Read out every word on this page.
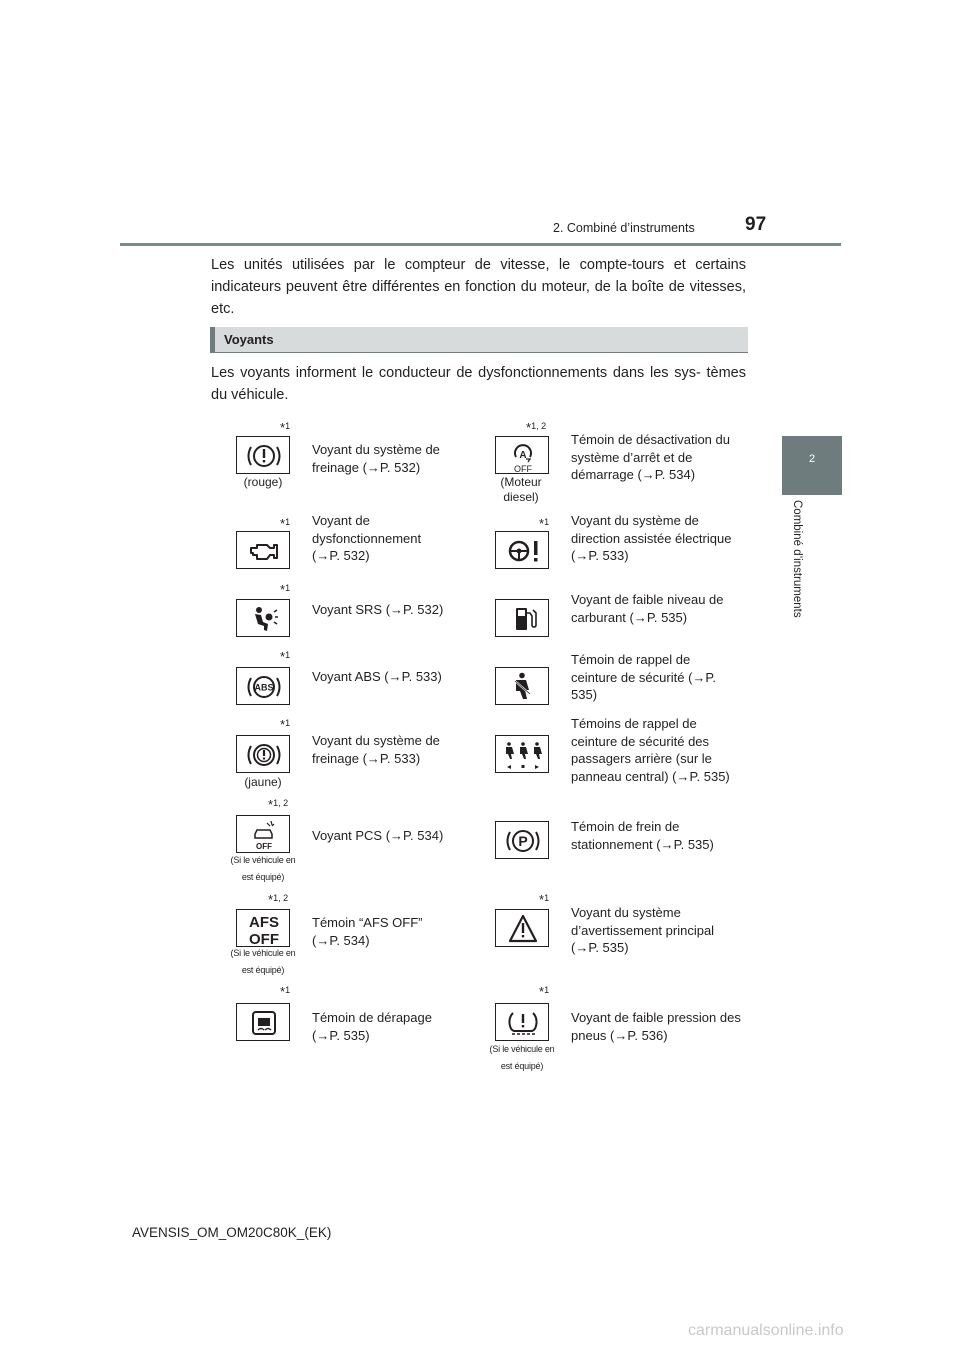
2. Combiné d’instruments	97
2
Combiné d’instruments

Les unités utilisées par le compteur de vitesse, le compte-tours et certains indicateurs peuvent être différentes en fonction du moteur, de la boîte de vitesses, etc.

Voyants

Les voyants informent le conducteur de dysfonctionnements dans les sys- tèmes du véhicule.

*$^1$
(rouge)
Voyant du système de freinage (→P. 532)
*$^1$ Voyant de dysfonctionnement (→P. 532)
*$^1$
Voyant SRS (→P. 532)
*$^1$
ABS
Voyant ABS (→P. 533)
*$^1$
(jaune)
Voyant du système de freinage (→P. 533)
*$^{1, 2}$
OFF
(Si le véhicule en est équipé)
Voyant PCS (→P. 534)
*$^{1, 2}$
AFS
OFF
(Si le véhicule en est équipé)
Témoin “AFS OFF” (→P. 534)
*$^1$
Témoin de dérapage (→P. 535)
*$^{1, 2}$
A
OFF
(Moteur diesel)
Témoin de désactivation du système d’arrêt et de démarrage (→P. 534)
*$^1$ Voyant du système de direction assistée électrique (→P. 533)
Voyant de faible niveau de carburant (→P. 535)
Témoin de rappel de ceinture de sécurité (→P. 535)
Témoins de rappel de ceinture de sécurité des passagers arrière (sur le panneau central) (→P. 535)
P
Témoin de frein de stationnement (→P. 535)
*$^1$
Voyant du système d’avertissement principal (→P. 535)
*$^1$
(Si le véhicule en est équipé)
Voyant de faible pression des pneus (→P. 536)
AVENSIS_OM_OM20C80K_(EK)
carmanualsonline.info
